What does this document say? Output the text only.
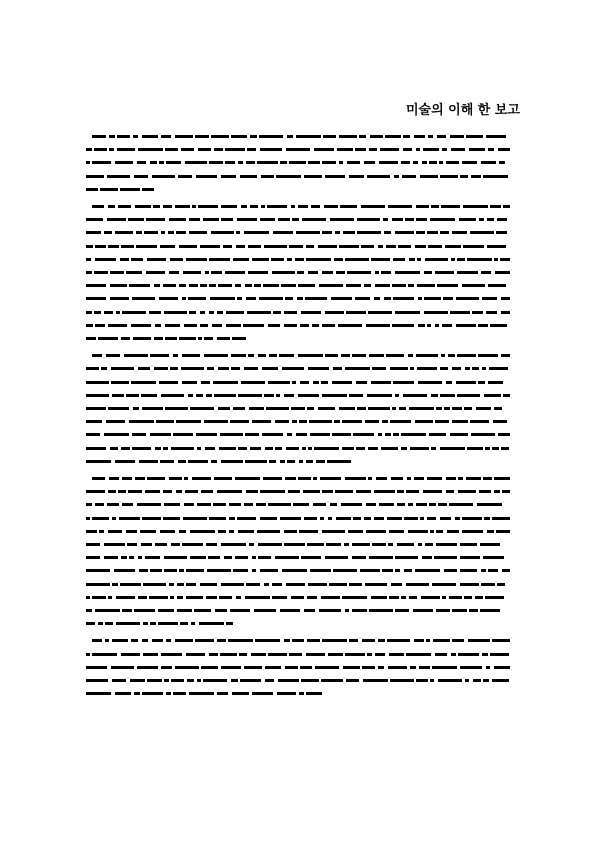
미술의 이해 한 보고
